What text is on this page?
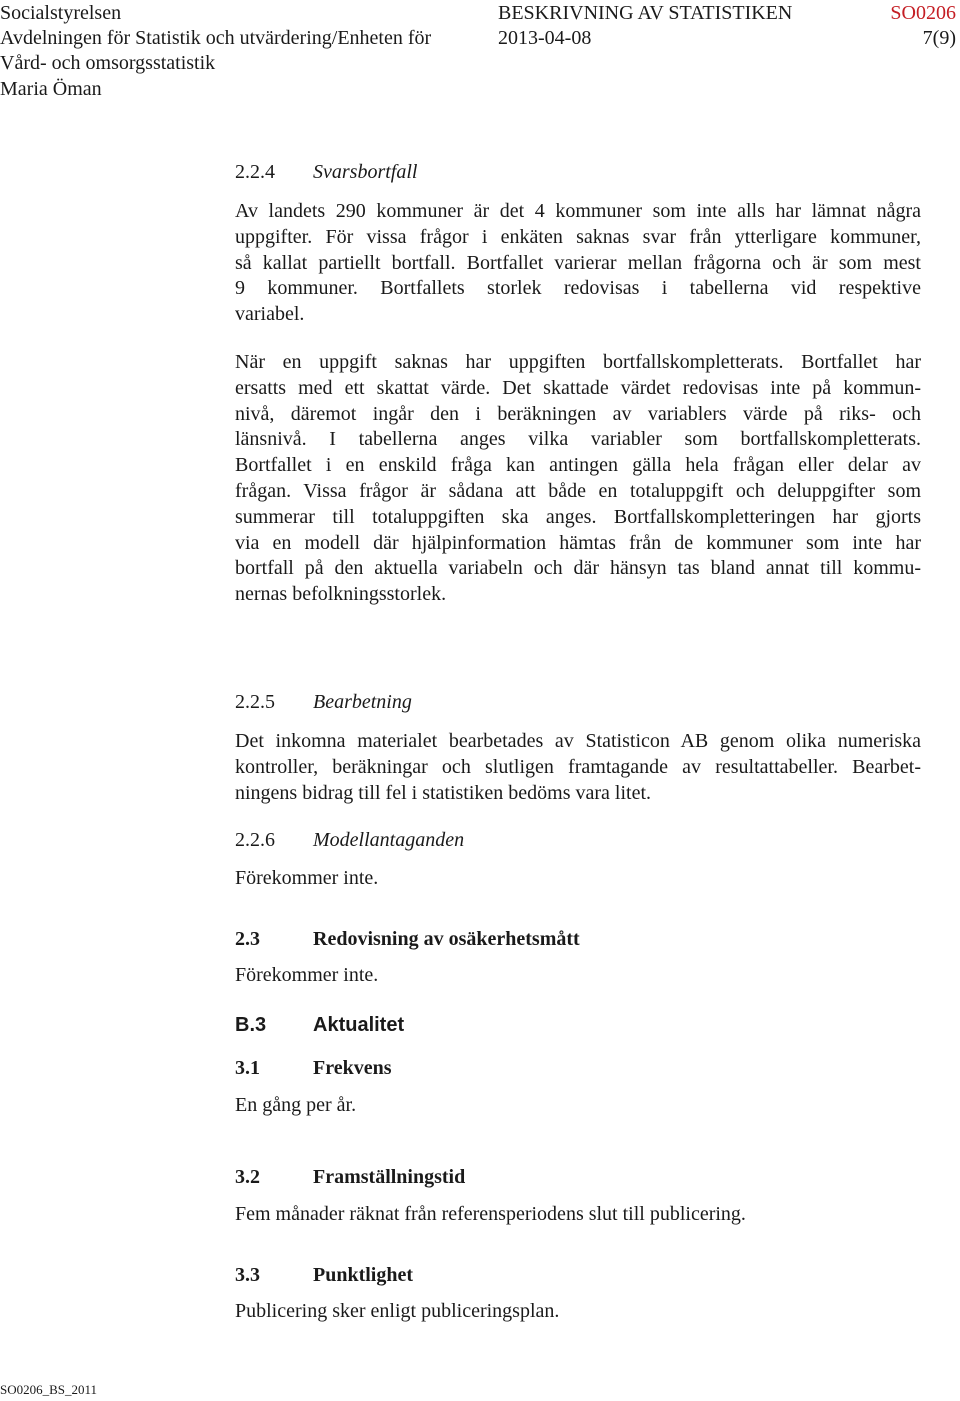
Socialstyrelsen
Avdelningen för Statistik och utvärdering/Enheten för
Vård- och omsorgsstatistik
Maria Öman
BESKRIVNING AV STATISTIKEN
2013-04-08
SO0206
7(9)
2.2.4 Svarsbortfall
Av landets 290 kommuner är det 4 kommuner som inte alls har lämnat några
uppgifter. För vissa frågor i enkäten saknas svar från ytterligare kommuner,
så kallat partiellt bortfall. Bortfallet varierar mellan frågorna och är som mest
9 kommuner. Bortfallets storlek redovisas i tabellerna vid respektive
variabel.
När en uppgift saknas har uppgiften bortfallskompletterats. Bortfallet har
ersatts med ett skattat värde. Det skattade värdet redovisas inte på kommun-
nivå, däremot ingår den i beräkningen av variablers värde på riks- och
länsnivå. I tabellerna anges vilka variabler som bortfallskompletterats.
Bortfallet i en enskild fråga kan antingen gälla hela frågan eller delar av
frågan. Vissa frågor är sådana att både en totaluppgift och deluppgifter som
summerar till totaluppgiften ska anges. Bortfallskompletteringen har gjorts
via en modell där hjälpinformation hämtas från de kommuner som inte har
bortfall på den aktuella variabeln och där hänsyn tas bland annat till kommu-
nernas befolkningsstorlek.
2.2.5 Bearbetning
Det inkomna materialet bearbetades av Statisticon AB genom olika numeriska
kontroller, beräkningar och slutligen framtagande av resultattabeller. Bearbet-
ningens bidrag till fel i statistiken bedöms vara litet.
2.2.6 Modellantaganden
Förekommer inte.
2.3	Redovisning av osäkerhetsmått
Förekommer inte.
B.3 Aktualitet
3.1	Frekvens
En gång per år.
3.2	Framställningstid
Fem månader räknat från referensperiodens slut till publicering.
3.3	Punktlighet
Publicering sker enligt publiceringsplan.
SO0206_BS_2011
